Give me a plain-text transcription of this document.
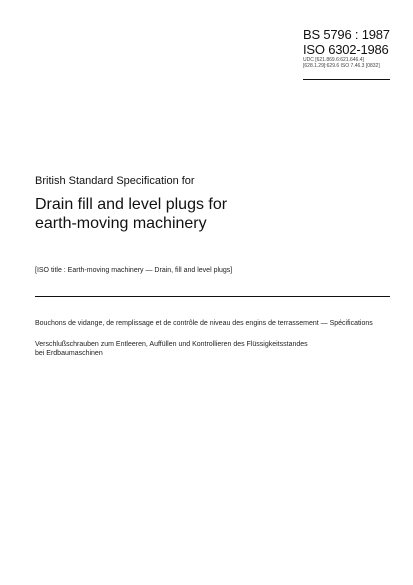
BS 5796 : 1987
ISO 6302-1986
UDC [621.869.6:621.646.4]
[628.1.29]:629.6 ISO 7.46.3 [0832]
British Standard Specification for
Drain fill and level plugs for
earth-moving machinery
[ISO title : Earth-moving machinery — Drain, fill and level plugs]
Bouchons de vidange, de remplissage et de contrôle de niveau des engins de terrassement — Spécifications
Verschlußschrauben zum Entleeren, Auffüllen und Kontrollieren des Flüssigkeitsstandes
bei Erdbaumaschinen
